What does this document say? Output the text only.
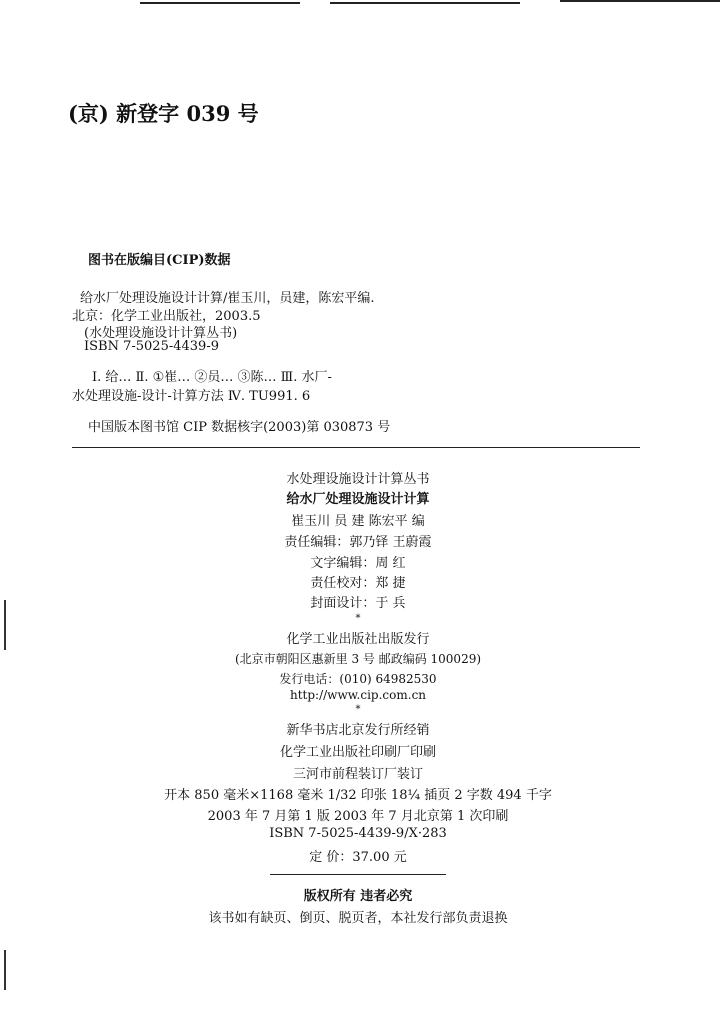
(京) 新登字 039 号
图书在版编目(CIP)数据
给水厂处理设施设计计算/崔玉川，员建，陈宏平编.
北京：化学工业出版社，2003.5
(水处理设施设计计算丛书)
ISBN 7-5025-4439-9
Ⅰ. 给… Ⅱ. ①崔… ②员… ③陈… Ⅲ. 水厂-
水处理设施-设计-计算方法 Ⅳ. TU991. 6
中国版本图书馆 CIP 数据核字(2003)第 030873 号
水处理设施设计计算丛书
给水厂处理设施设计计算
崔玉川 员 建 陈宏平 编
责任编辑：郭乃铎 王蔚霞
文字编辑：周 红
责任校对：郑 捷
封面设计：于 兵
*
化学工业出版社出版发行
(北京市朝阳区惠新里 3 号 邮政编码 100029)
发行电话：(010) 64982530
http://www.cip.com.cn
*
新华书店北京发行所经销
化学工业出版社印刷厂印刷
三河市前程装订厂装订
开本 850 毫米×1168 毫米 1/32 印张 18¼ 插页 2 字数 494 千字
2003 年 7 月第 1 版 2003 年 7 月北京第 1 次印刷
ISBN 7-5025-4439-9/X·283
定 价：37.00 元
版权所有 违者必究
该书如有缺页、倒页、脱页者，本社发行部负责退换
